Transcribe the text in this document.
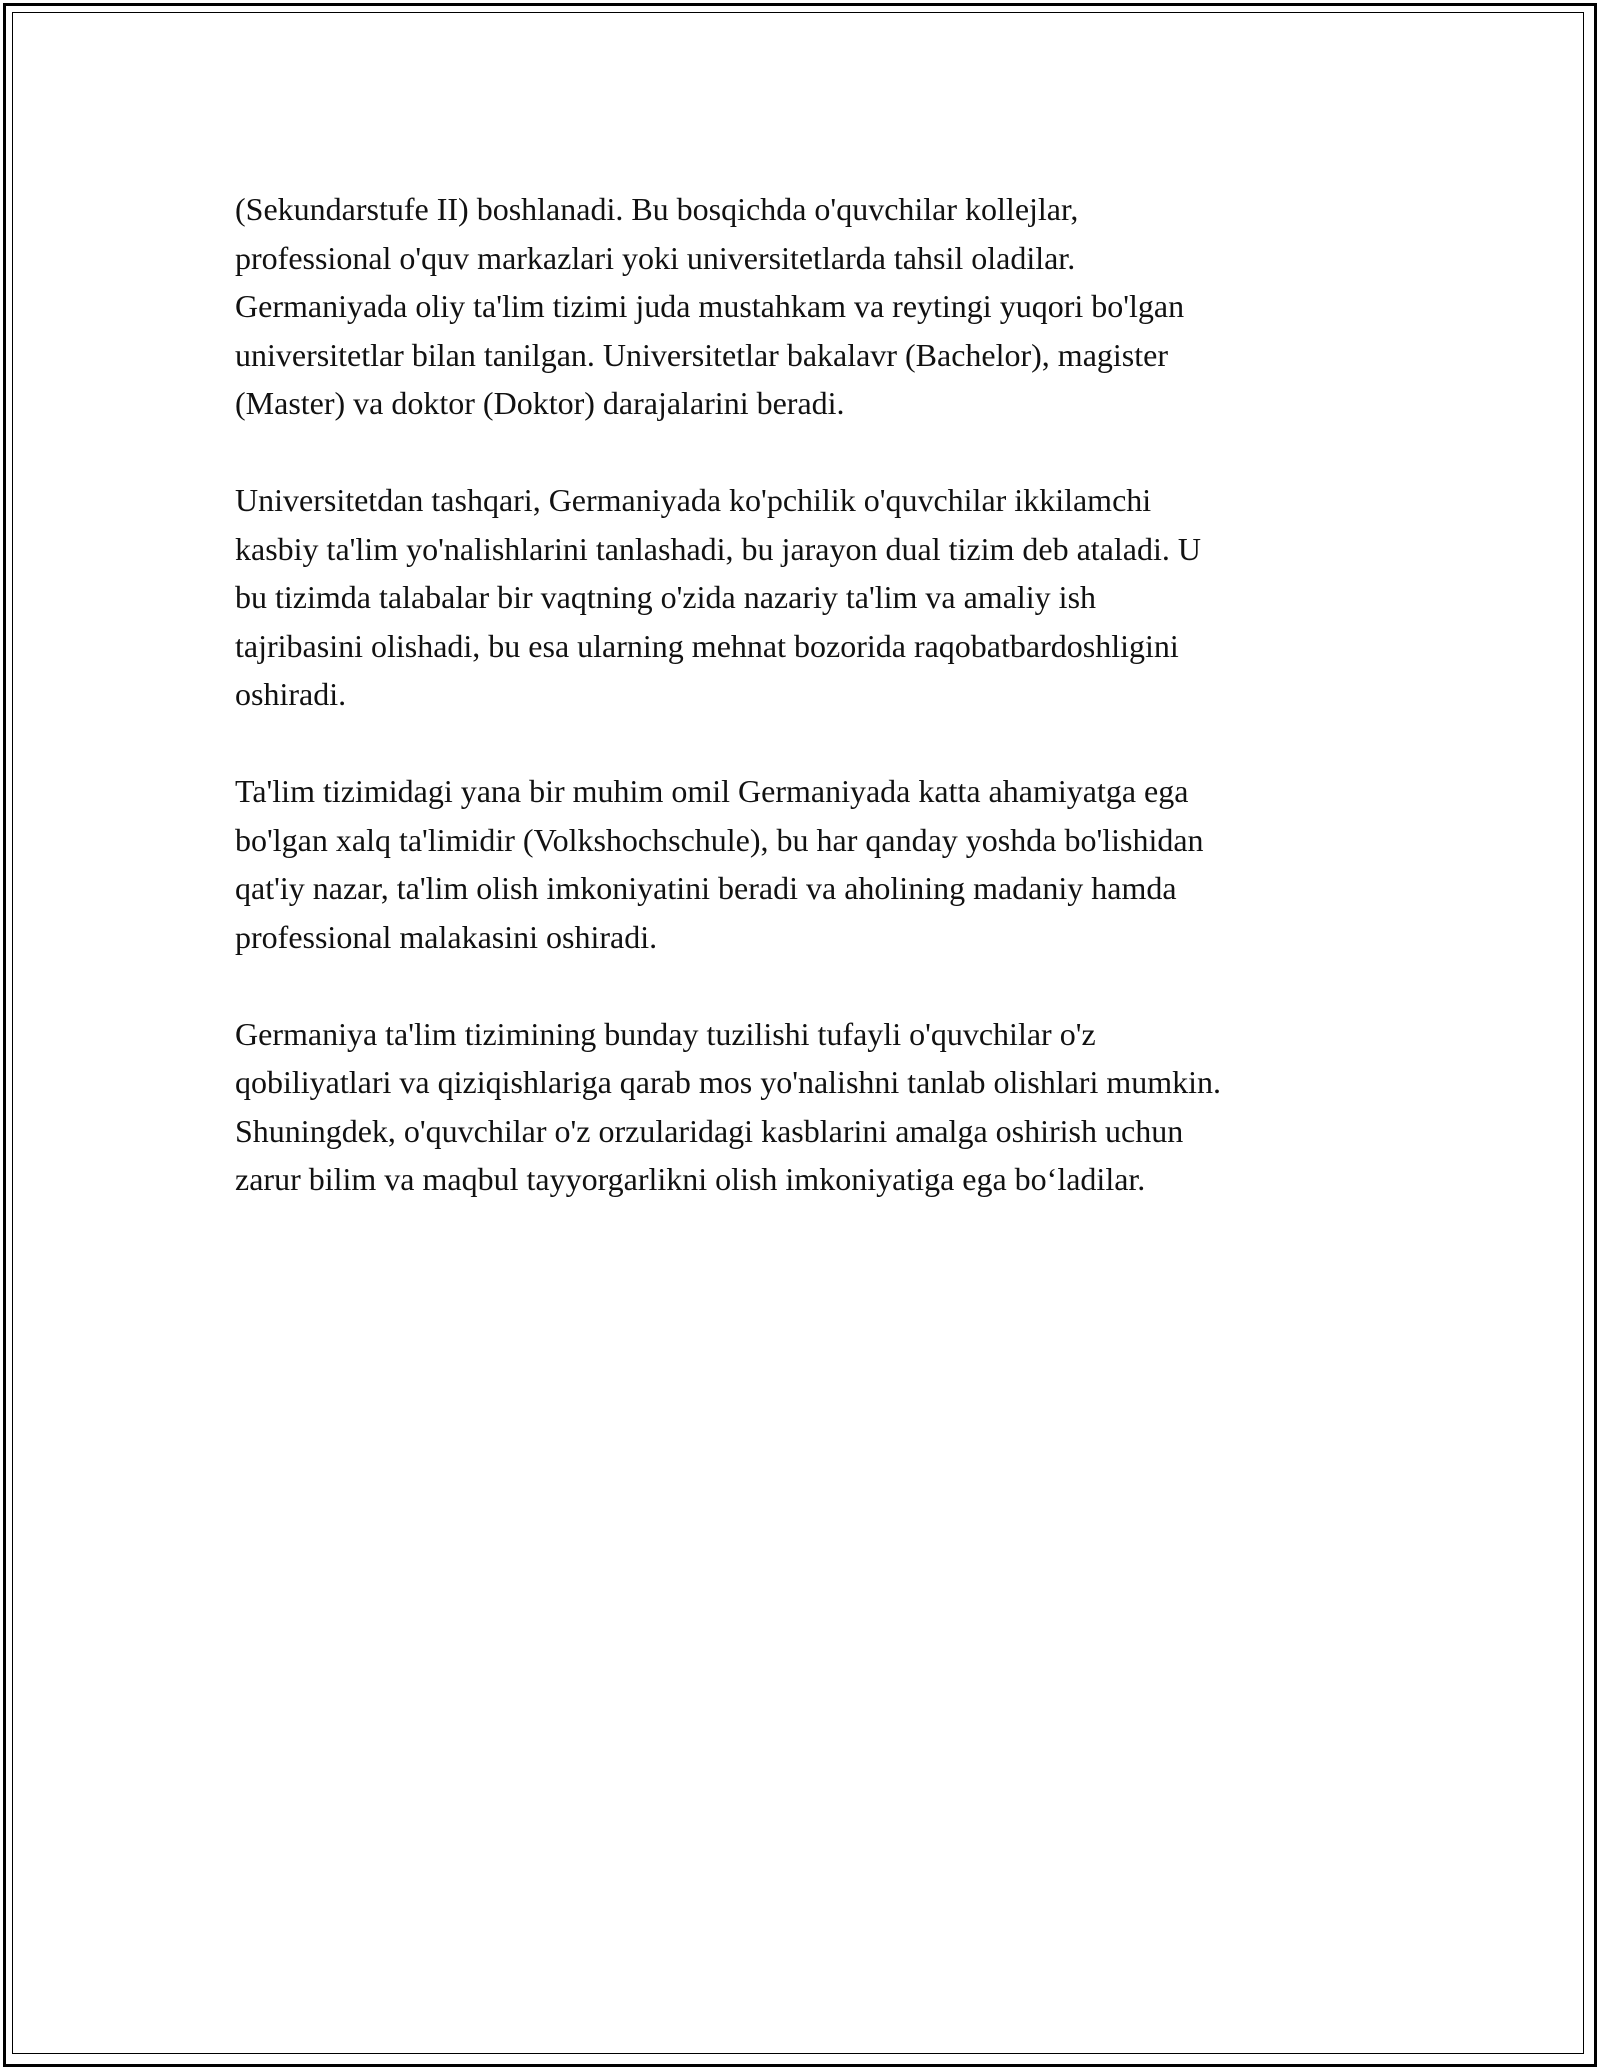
(Sekundarstufe II) boshlanadi. Bu bosqichda o'quvchilar kollejlar,
professional o'quv markazlari yoki universitetlarda tahsil oladilar.
Germaniyada oliy ta'lim tizimi juda mustahkam va reytingi yuqori bo'lgan
universitetlar bilan tanilgan. Universitetlar bakalavr (Bachelor), magister
(Master) va doktor (Doktor) darajalarini beradi.

Universitetdan tashqari, Germaniyada ko'pchilik o'quvchilar ikkilamchi
kasbiy ta'lim yo'nalishlarini tanlashadi, bu jarayon dual tizim deb ataladi. U
bu tizimda talabalar bir vaqtning o'zida nazariy ta'lim va amaliy ish
tajribasini olishadi, bu esa ularning mehnat bozorida raqobatbardoshligini
oshiradi.

Ta'lim tizimidagi yana bir muhim omil Germaniyada katta ahamiyatga ega
bo'lgan xalq ta'limidir (Volkshochschule), bu har qanday yoshda bo'lishidan
qat'iy nazar, ta'lim olish imkoniyatini beradi va aholining madaniy hamda
professional malakasini oshiradi.

Germaniya ta'lim tizimining bunday tuzilishi tufayli o'quvchilar o'z
qobiliyatlari va qiziqishlariga qarab mos yo'nalishni tanlab olishlari mumkin.
Shuningdek, o'quvchilar o'z orzularidagi kasblarini amalga oshirish uchun
zarur bilim va maqbul tayyorgarlikni olish imkoniyatiga ega bo‘ladilar.
